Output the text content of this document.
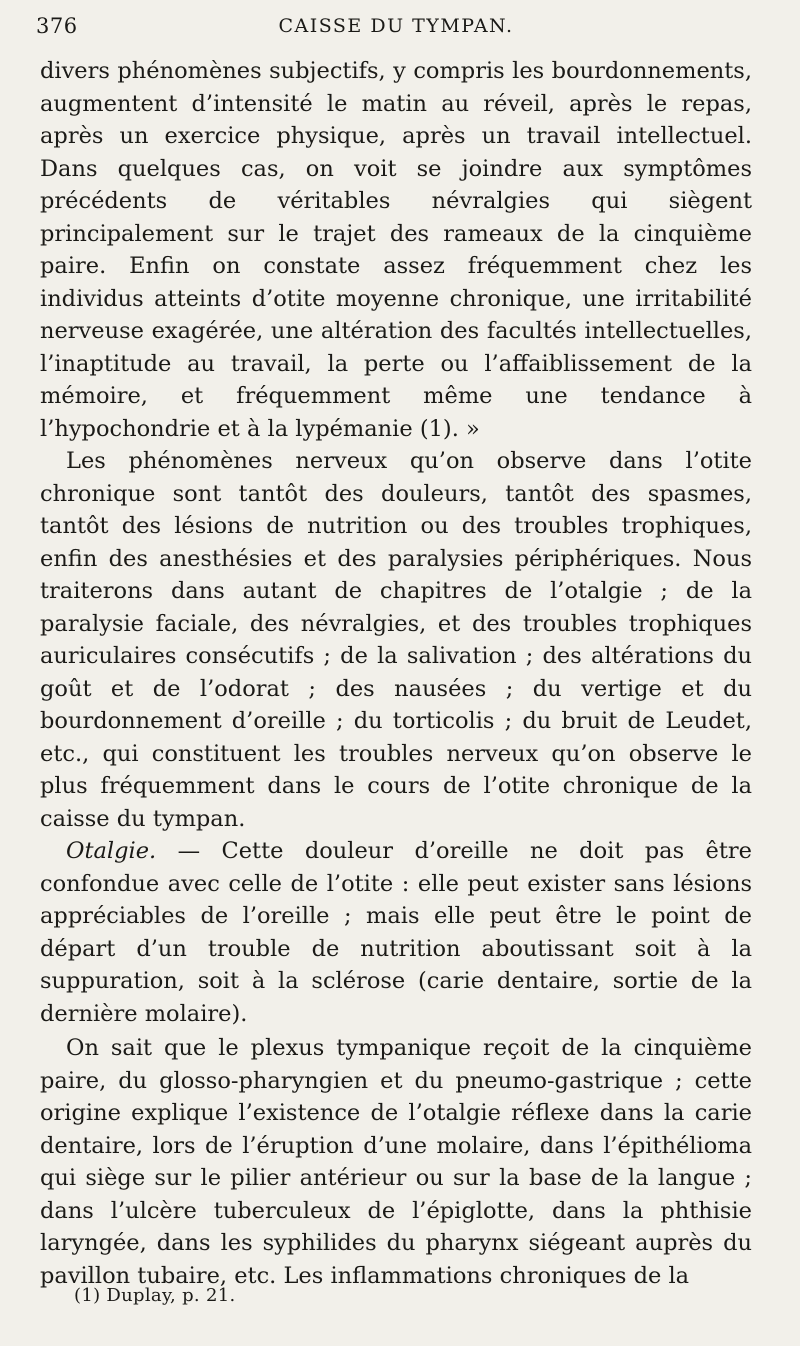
376	CAISSE DU TYMPAN.

divers phénomènes subjectifs, y compris les bourdonnements, augmentent d’intensité le matin au réveil, après le repas, après un exercice physique, après un travail intellectuel. Dans quelques cas, on voit se joindre aux symptômes précédents de véritables névralgies qui siègent principalement sur le trajet des rameaux de la cinquième paire. Enfin on constate assez fréquemment chez les individus atteints d’otite moyenne chronique, une irritabilité nerveuse exagérée, une altération des facultés intellectuelles, l’inaptitude au travail, la perte ou l’affaiblissement de la mémoire, et fréquemment même une tendance à l’hypochondrie et à la lypémanie (1). »

Les phénomènes nerveux qu’on observe dans l’otite chronique sont tantôt des douleurs, tantôt des spasmes, tantôt des lésions de nutrition ou des troubles trophiques, enfin des anesthésies et des paralysies périphériques. Nous traiterons dans autant de chapitres de l’otalgie ; de la paralysie faciale, des névralgies, et des troubles trophiques auriculaires consécutifs ; de la salivation ; des altérations du goût et de l’odorat ; des nausées ; du vertige et du bourdonnement d’oreille ; du torticolis ; du bruit de Leudet, etc., qui constituent les troubles nerveux qu’on observe le plus fréquemment dans le cours de l’otite chronique de la caisse du tympan.

Otalgie. — Cette douleur d’oreille ne doit pas être confondue avec celle de l’otite : elle peut exister sans lésions appréciables de l’oreille ; mais elle peut être le point de départ d’un trouble de nutrition aboutissant soit à la suppuration, soit à la sclérose (carie dentaire, sortie de la dernière molaire).

On sait que le plexus tympanique reçoit de la cinquième paire, du glosso-pharyngien et du pneumo-gastrique ; cette origine explique l’existence de l’otalgie réflexe dans la carie dentaire, lors de l’éruption d’une molaire, dans l’épithélioma qui siège sur le pilier antérieur ou sur la base de la langue ; dans l’ulcère tuberculeux de l’épiglotte, dans la phthisie laryngée, dans les syphilides du pharynx siégeant auprès du pavillon tubaire, etc. Les inflammations chroniques de la

(1) Duplay, p. 21.
